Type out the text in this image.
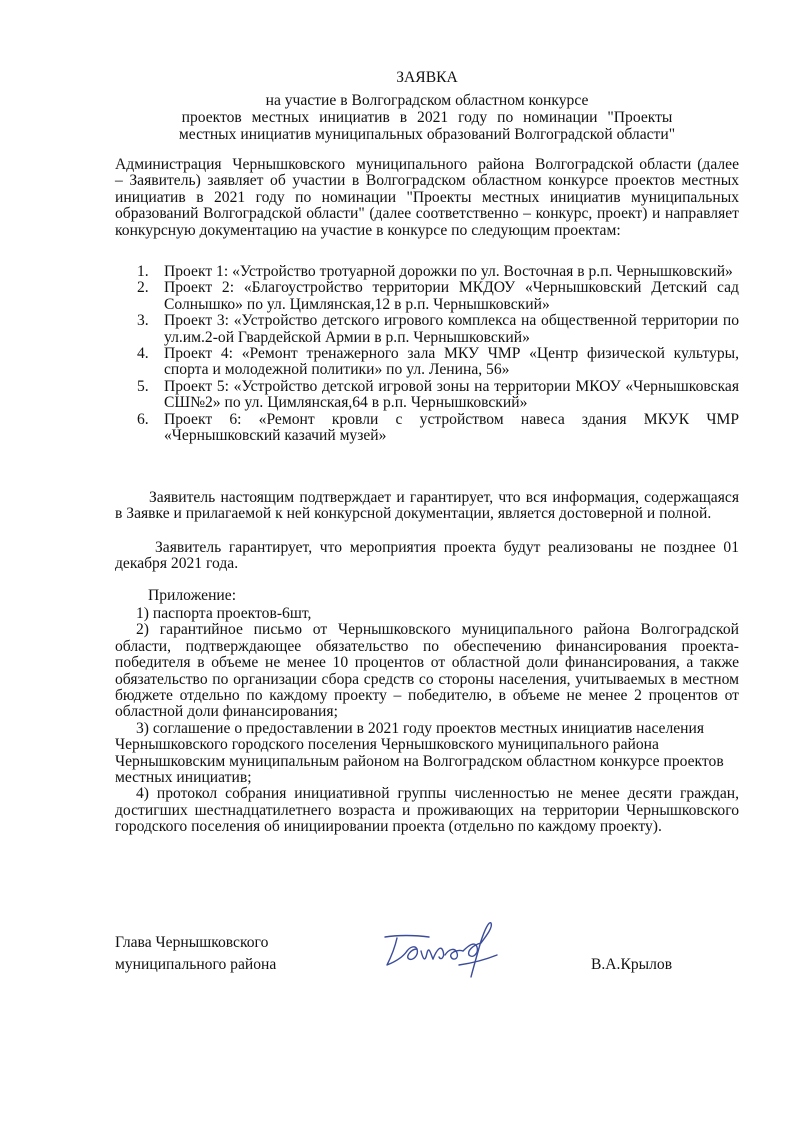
ЗАЯВКА
на участие в Волгоградском областном конкурсе
проектов местных инициатив в 2021 году по номинации "Проекты
местных инициатив муниципальных образований Волгоградской области"
Администрация Чернышковского муниципального района Волгоградской области (далее – Заявитель) заявляет об участии в Волгоградском областном конкурсе проектов местных инициатив в 2021 году по номинации "Проекты местных инициатив муниципальных образований Волгоградской области" (далее соответственно – конкурс, проект) и направляет конкурсную документацию на участие в конкурсе по следующим проектам:
1. Проект 1: «Устройство тротуарной дорожки по ул. Восточная в р.п. Чернышковский»
2. Проект 2: «Благоустройство территории МКДОУ «Чернышковский Детский сад Солнышко» по ул. Цимлянская,12 в р.п. Чернышковский»
3. Проект 3: «Устройство детского игрового комплекса на общественной территории по ул.им.2-ой Гвардейской Армии в р.п. Чернышковский»
4. Проект 4: «Ремонт тренажерного зала МКУ ЧМР «Центр физической культуры, спорта и молодежной политики» по ул. Ленина, 56»
5. Проект 5: «Устройство детской игровой зоны на территории МКОУ «Чернышковская СШ№2» по ул. Цимлянская,64 в р.п. Чернышковский»
6. Проект 6: «Ремонт кровли с устройством навеса здания МКУК ЧМР «Чернышковский казачий музей»
Заявитель настоящим подтверждает и гарантирует, что вся информация, содержащаяся в Заявке и прилагаемой к ней конкурсной документации, является достоверной и полной.
Заявитель гарантирует, что мероприятия проекта будут реализованы не позднее 01 декабря 2021 года.
Приложение:

1) паспорта проектов-6шт,

2) гарантийное письмо от Чернышковского муниципального района Волгоградской области, подтверждающее обязательство по обеспечению финансирования проекта-победителя в объеме не менее 10 процентов от областной доли финансирования, а также обязательство по организации сбора средств со стороны населения, учитываемых в местном бюджете отдельно по каждому проекту – победителю, в объеме не менее 2 процентов от областной доли финансирования;

3) соглашение о предоставлении в 2021 году проектов местных инициатив населения Чернышковского городского поселения Чернышковского муниципального района Чернышковским муниципальным районом на Волгоградском областном конкурсе проектов местных инициатив;

4) протокол собрания инициативной группы численностью не менее десяти граждан, достигших шестнадцатилетнего возраста и проживающих на территории Чернышковского городского поселения об инициировании проекта (отдельно по каждому проекту).

Глава Чернышковского
муниципального района	В.А.Крылов
